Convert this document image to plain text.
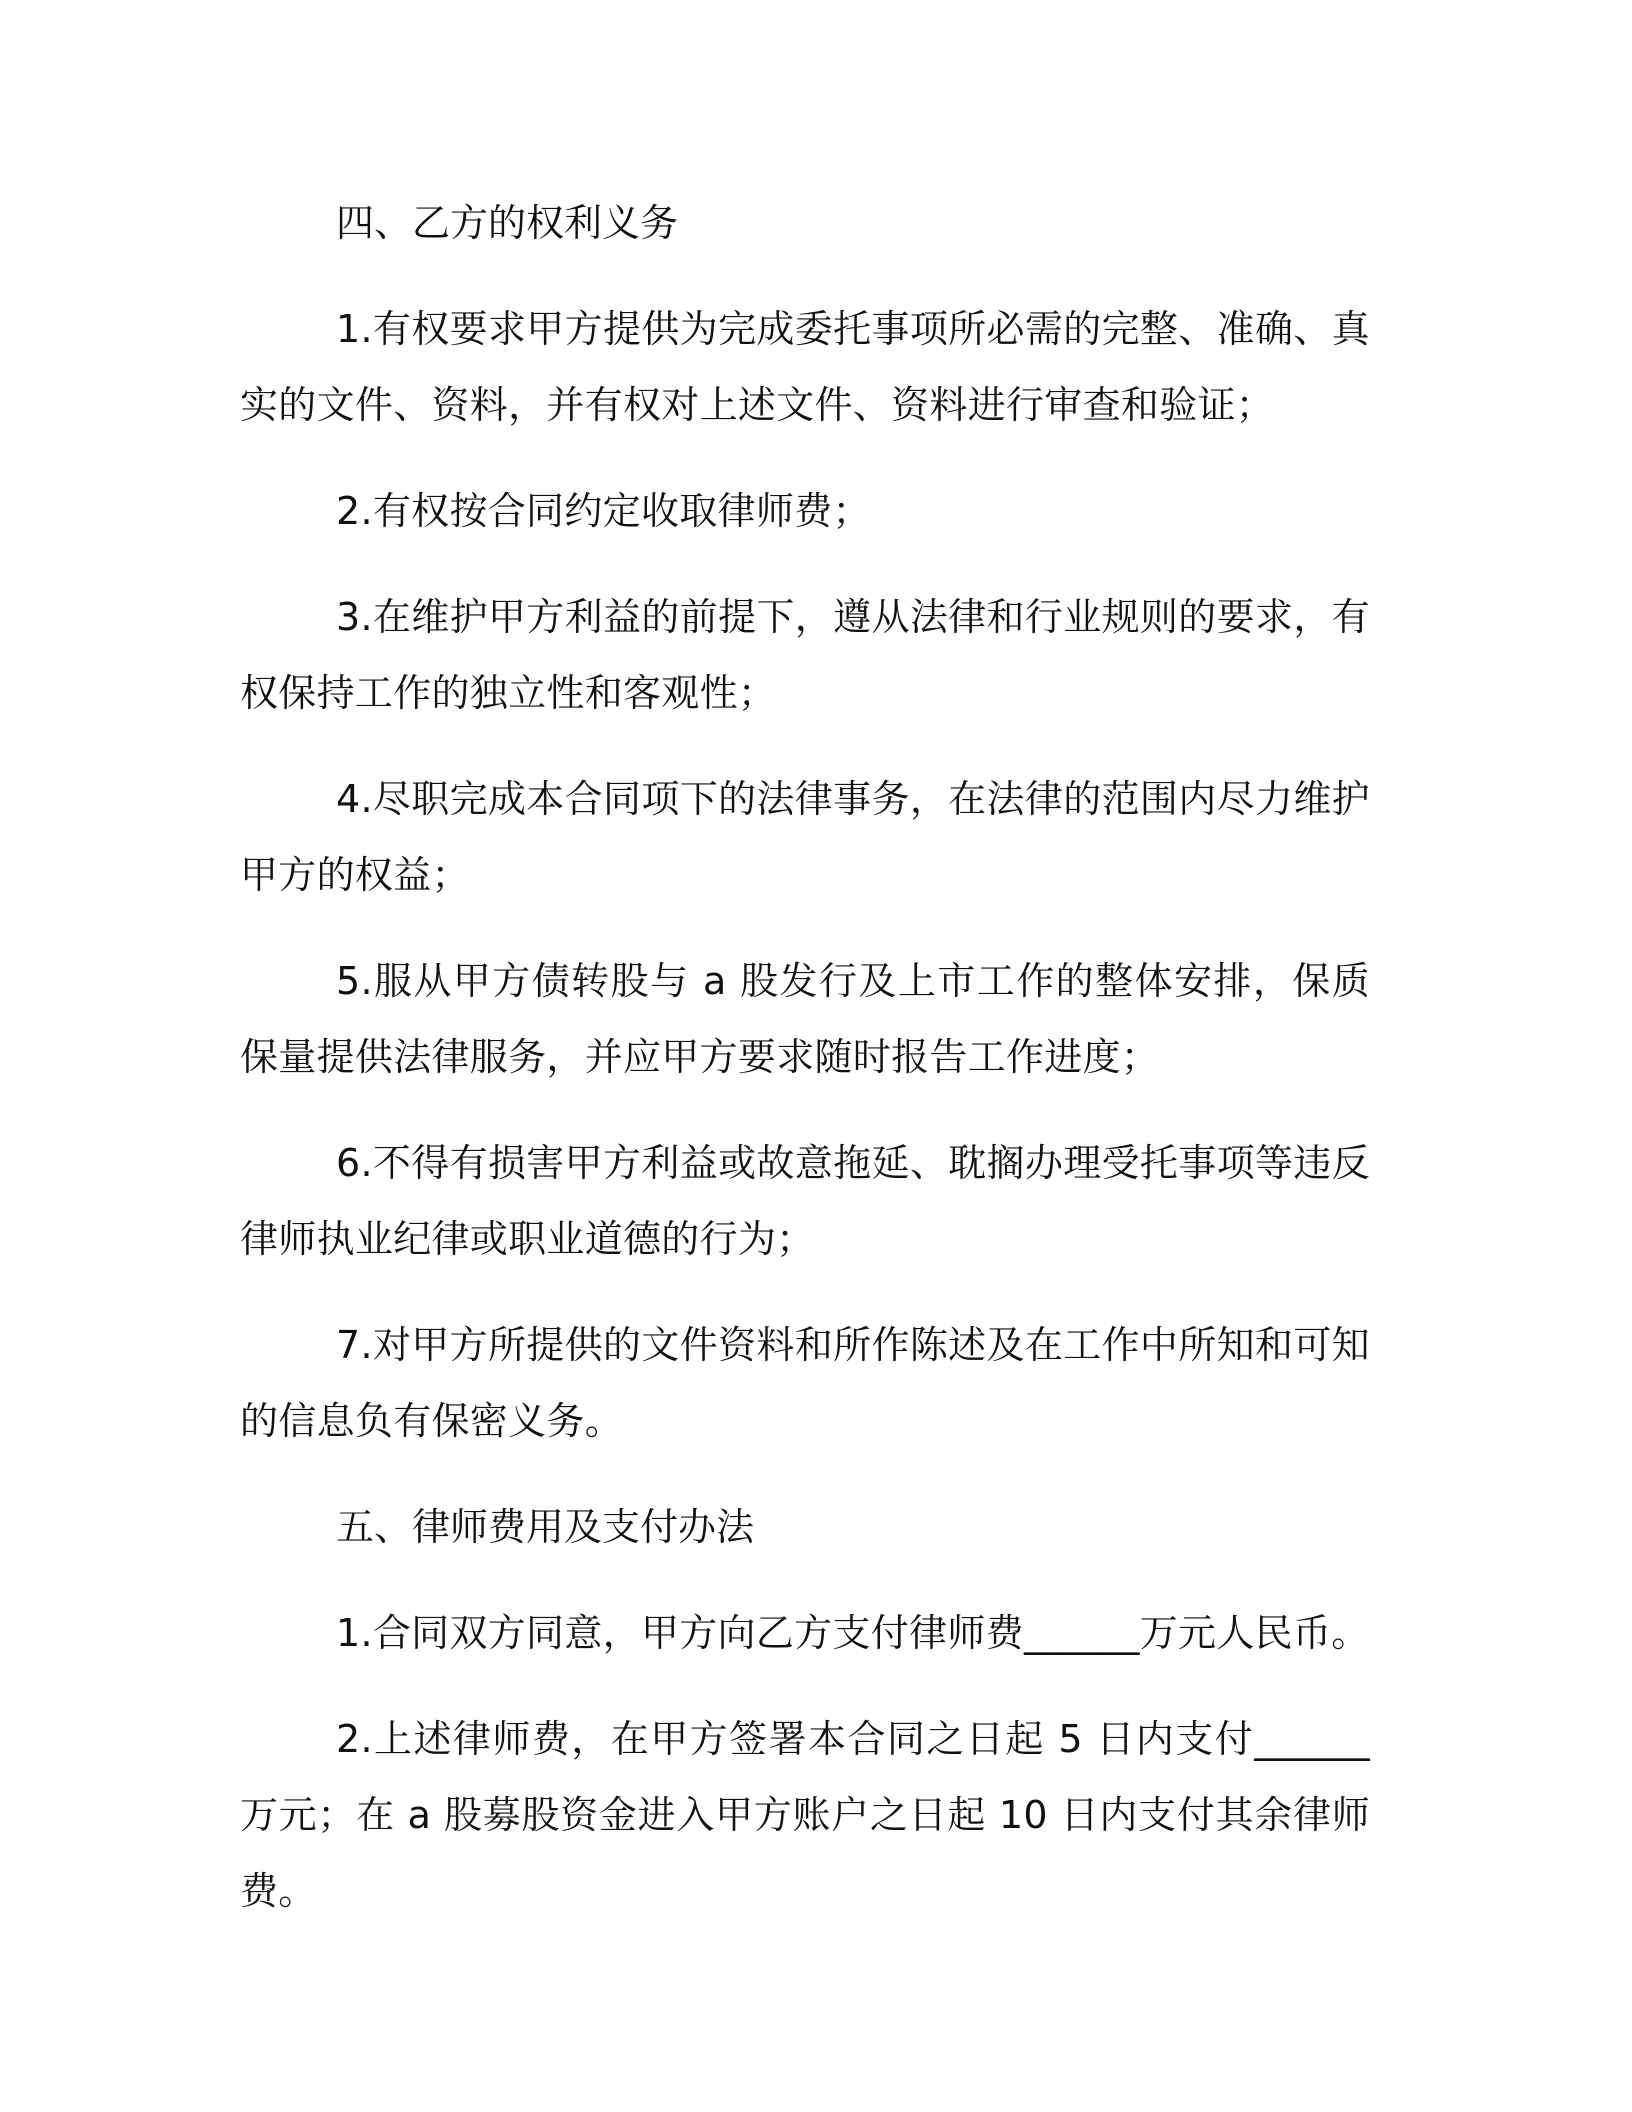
四、乙方的权利义务

1.有权要求甲方提供为完成委托事项所必需的完整、准确、真实的文件、资料，并有权对上述文件、资料进行审查和验证；

2.有权按合同约定收取律师费；

3.在维护甲方利益的前提下，遵从法律和行业规则的要求，有权保持工作的独立性和客观性；

4.尽职完成本合同项下的法律事务，在法律的范围内尽力维护甲方的权益；

5.服从甲方债转股与 a 股发行及上市工作的整体安排，保质保量提供法律服务，并应甲方要求随时报告工作进度；

6.不得有损害甲方利益或故意拖延、耽搁办理受托事项等违反律师执业纪律或职业道德的行为；

7.对甲方所提供的文件资料和所作陈述及在工作中所知和可知的信息负有保密义务。

五、律师费用及支付办法

1.合同双方同意，甲方向乙方支付律师费______万元人民币。

2.上述律师费，在甲方签署本合同之日起 5 日内支付______万元；在 a 股募股资金进入甲方账户之日起 10 日内支付其余律师费。
